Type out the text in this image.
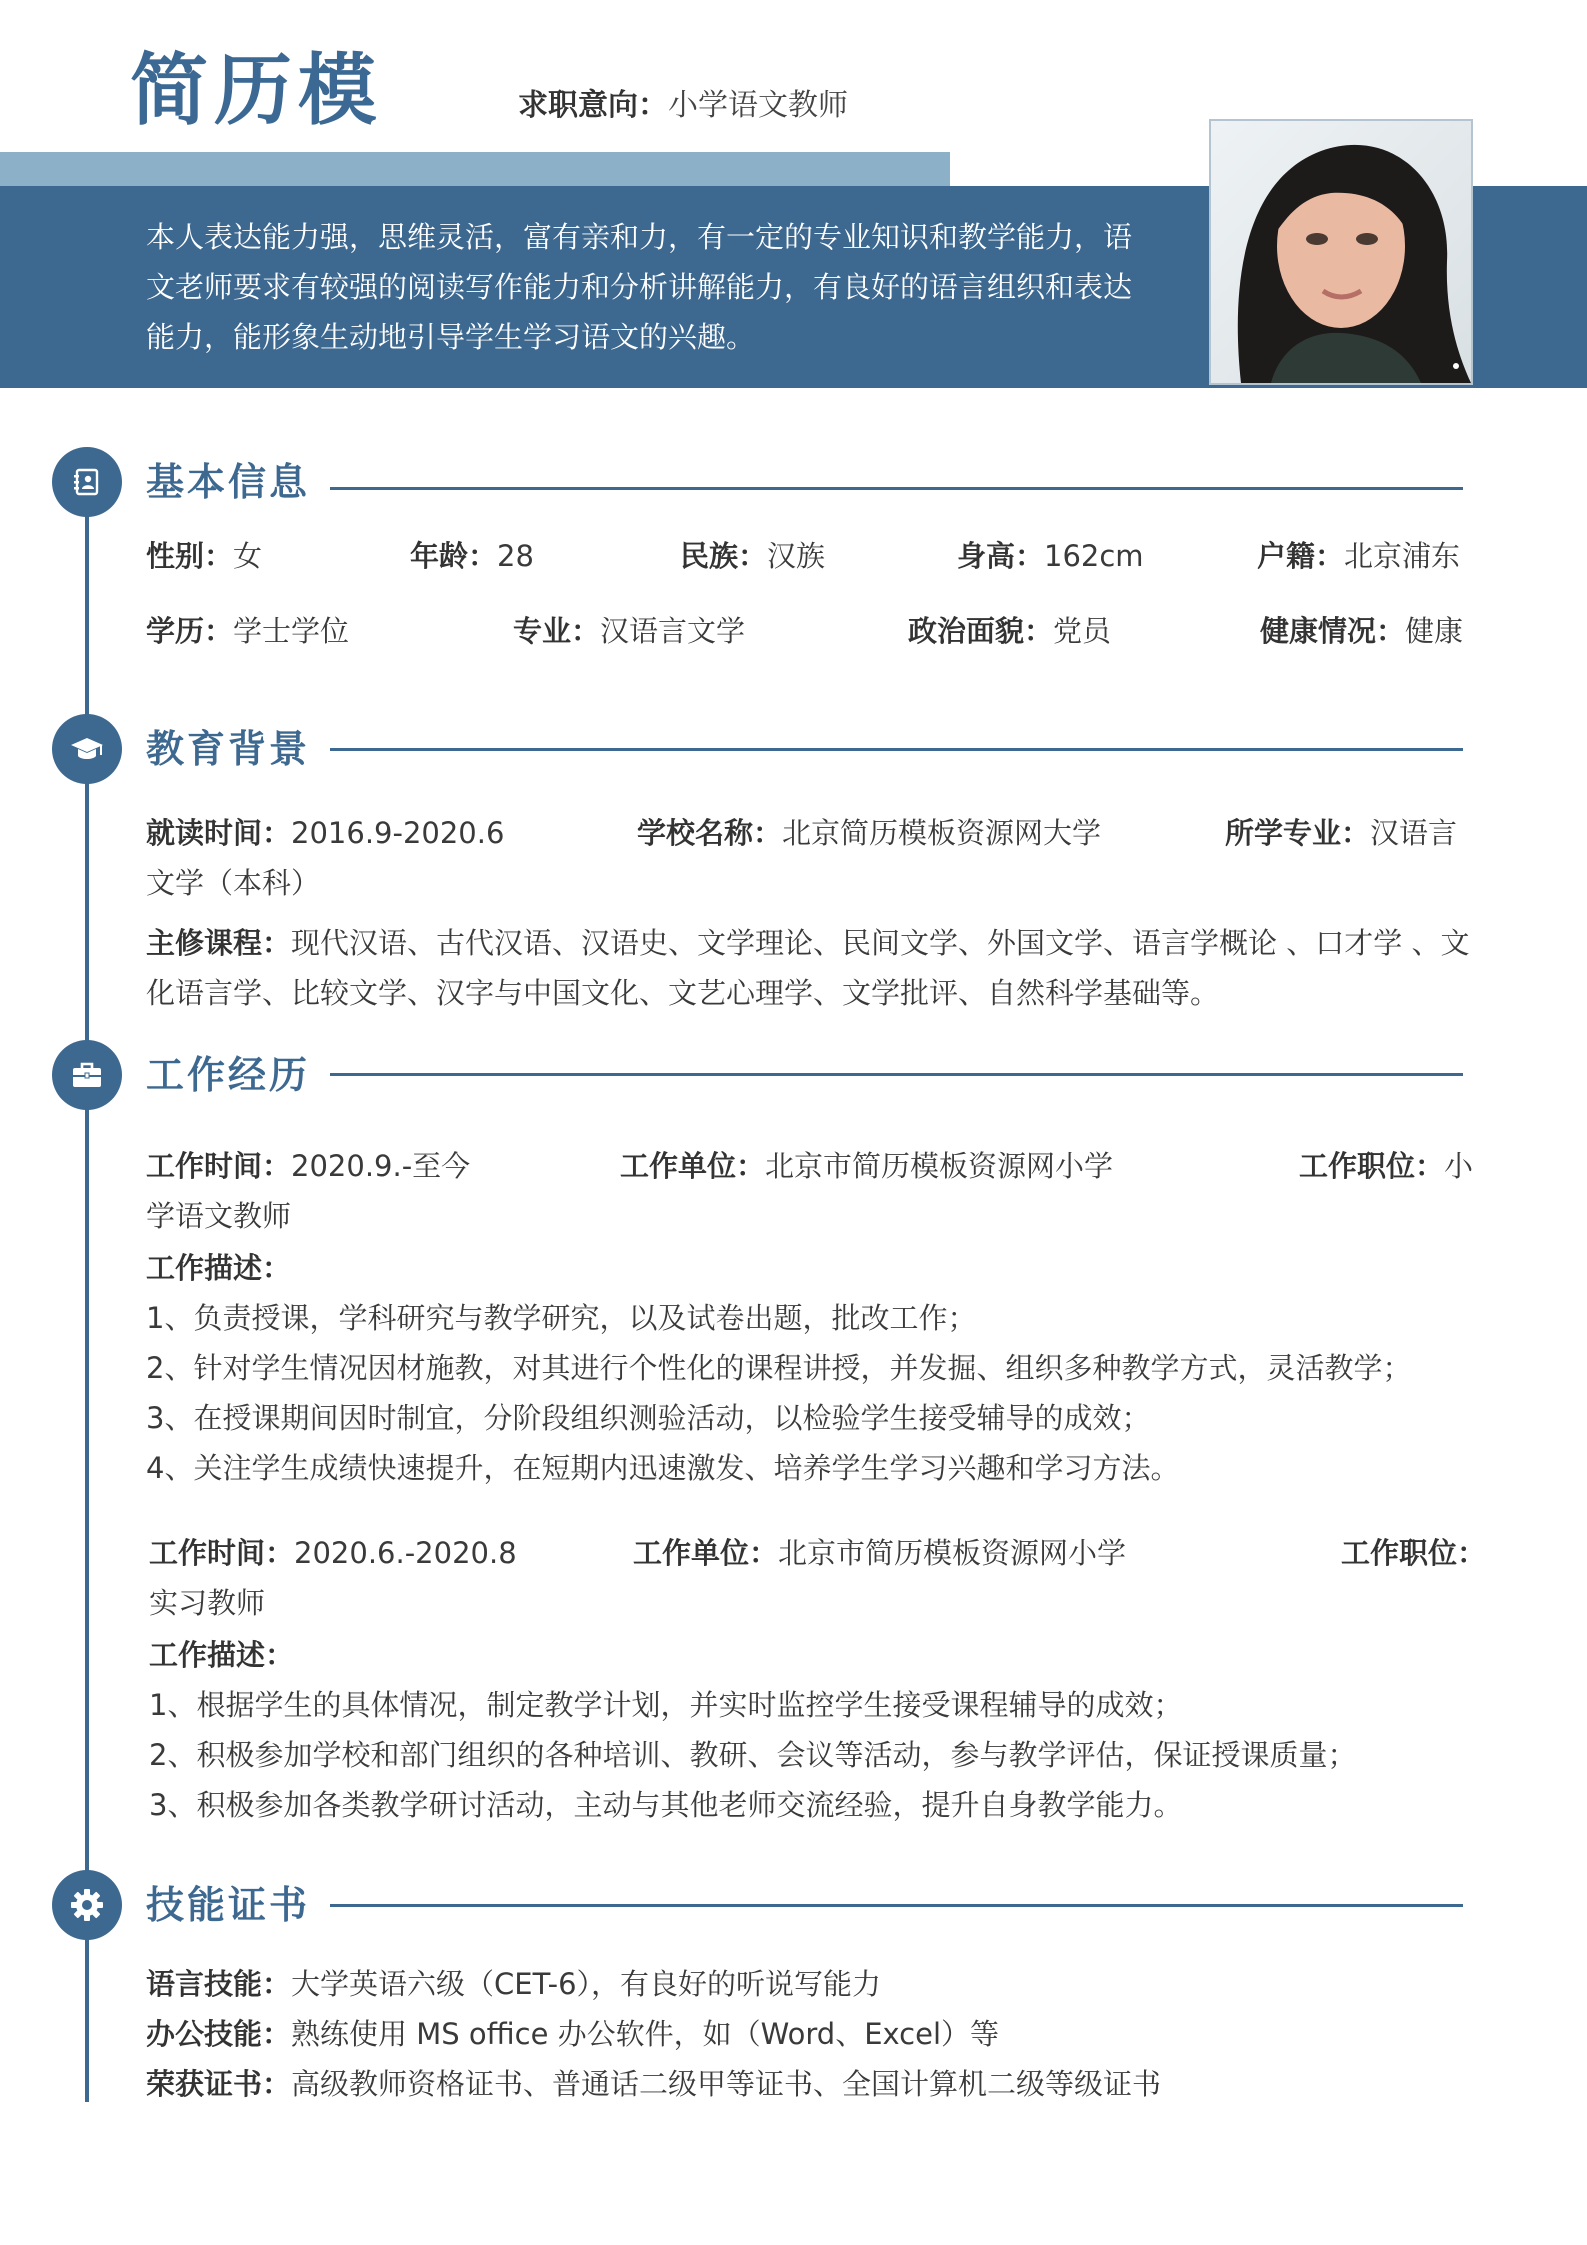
简历模	求职意向：小学语文教师
本人表达能力强，思维灵活，富有亲和力，有一定的专业知识和教学能力，语文老师要求有较强的阅读写作能力和分析讲解能力，有良好的语言组织和表达能力，能形象生动地引导学生学习语文的兴趣。
基本信息
性别：女	年龄：28	民族：汉族	身高：162cm	户籍：北京浦东
学历：学士学位	专业：汉语言文学	政治面貌：党员	健康情况：健康
教育背景
就读时间：2016.9-2020.6	学校名称：北京简历模板资源网大学	所学专业：汉语言
文学（本科）
主修课程：现代汉语、古代汉语、汉语史、文学理论、民间文学、外国文学、语言学概论 、口才学 、文化语言学、比较文学、汉字与中国文化、文艺心理学、文学批评、自然科学基础等。
工作经历
工作时间：2020.9.-至今	工作单位：北京市简历模板资源网小学	工作职位：小
学语文教师
工作描述：
1、负责授课，学科研究与教学研究，以及试卷出题，批改工作；
2、针对学生情况因材施教，对其进行个性化的课程讲授，并发掘、组织多种教学方式，灵活教学；
3、在授课期间因时制宜，分阶段组织测验活动，以检验学生接受辅导的成效；
4、关注学生成绩快速提升，在短期内迅速激发、培养学生学习兴趣和学习方法。
工作时间：2020.6.-2020.8	工作单位：北京市简历模板资源网小学	工作职位：
实习教师
工作描述：
1、根据学生的具体情况，制定教学计划，并实时监控学生接受课程辅导的成效；
2、积极参加学校和部门组织的各种培训、教研、会议等活动，参与教学评估，保证授课质量；
3、积极参加各类教学研讨活动，主动与其他老师交流经验，提升自身教学能力。
技能证书
语言技能：大学英语六级（CET-6），有良好的听说写能力
办公技能：熟练使用 MS office 办公软件，如（Word、Excel）等
荣获证书：高级教师资格证书、普通话二级甲等证书、全国计算机二级等级证书
